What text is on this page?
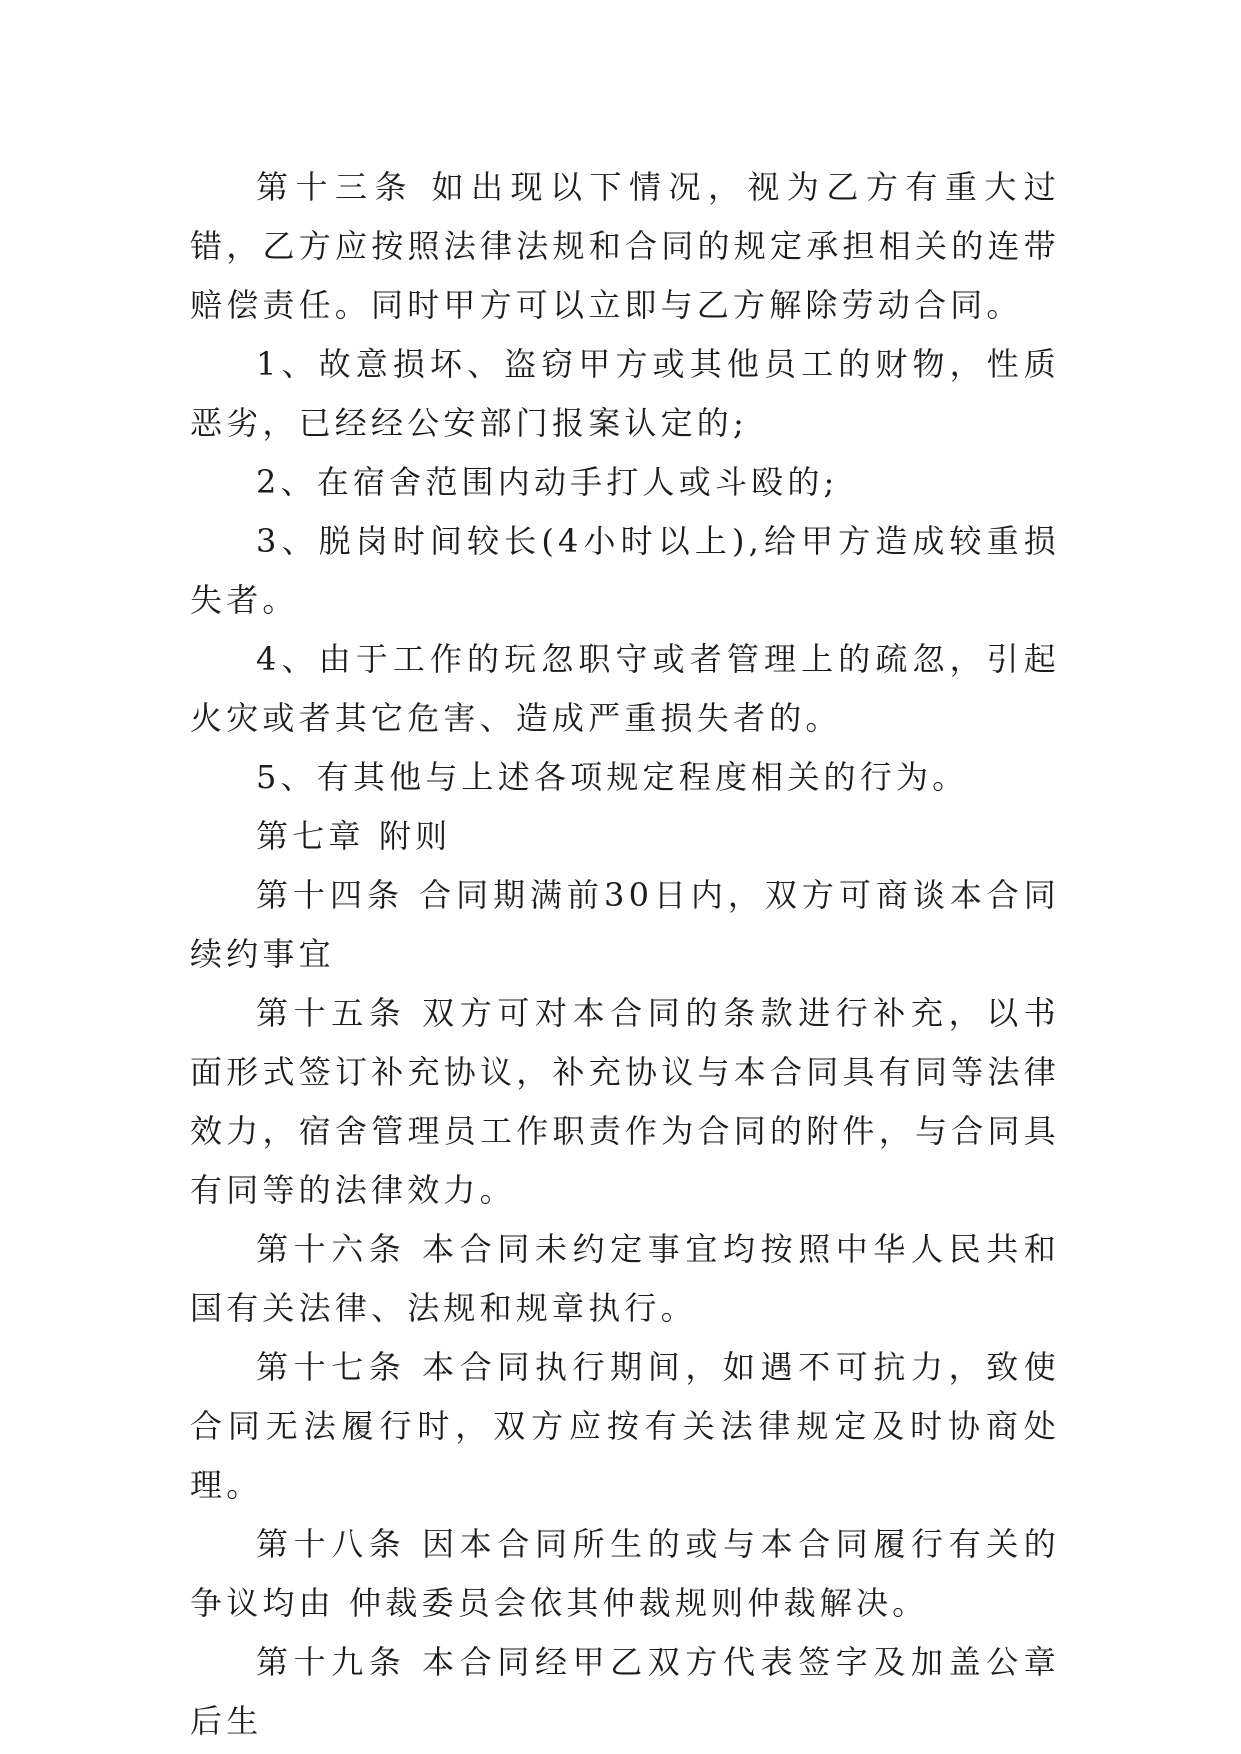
第十三条 如出现以下情况，视为乙方有重大过错，乙方应按照法律法规和合同的规定承担相关的连带赔偿责任。同时甲方可以立即与乙方解除劳动合同。

1、故意损坏、盗窃甲方或其他员工的财物，性质恶劣，已经经公安部门报案认定的;

2、在宿舍范围内动手打人或斗殴的;

3、脱岗时间较长(4小时以上),给甲方造成较重损失者。

4、由于工作的玩忽职守或者管理上的疏忽，引起火灾或者其它危害、造成严重损失者的。

5、有其他与上述各项规定程度相关的行为。

第七章 附则

第十四条 合同期满前30日内，双方可商谈本合同续约事宜

第十五条 双方可对本合同的条款进行补充，以书面形式签订补充协议，补充协议与本合同具有同等法律效力，宿舍管理员工作职责作为合同的附件，与合同具有同等的法律效力。

第十六条 本合同未约定事宜均按照中华人民共和国有关法律、法规和规章执行。

第十七条 本合同执行期间，如遇不可抗力，致使合同无法履行时，双方应按有关法律规定及时协商处理。

第十八条 因本合同所生的或与本合同履行有关的争议均由 仲裁委员会依其仲裁规则仲裁解决。

第十九条 本合同经甲乙双方代表签字及加盖公章后生
